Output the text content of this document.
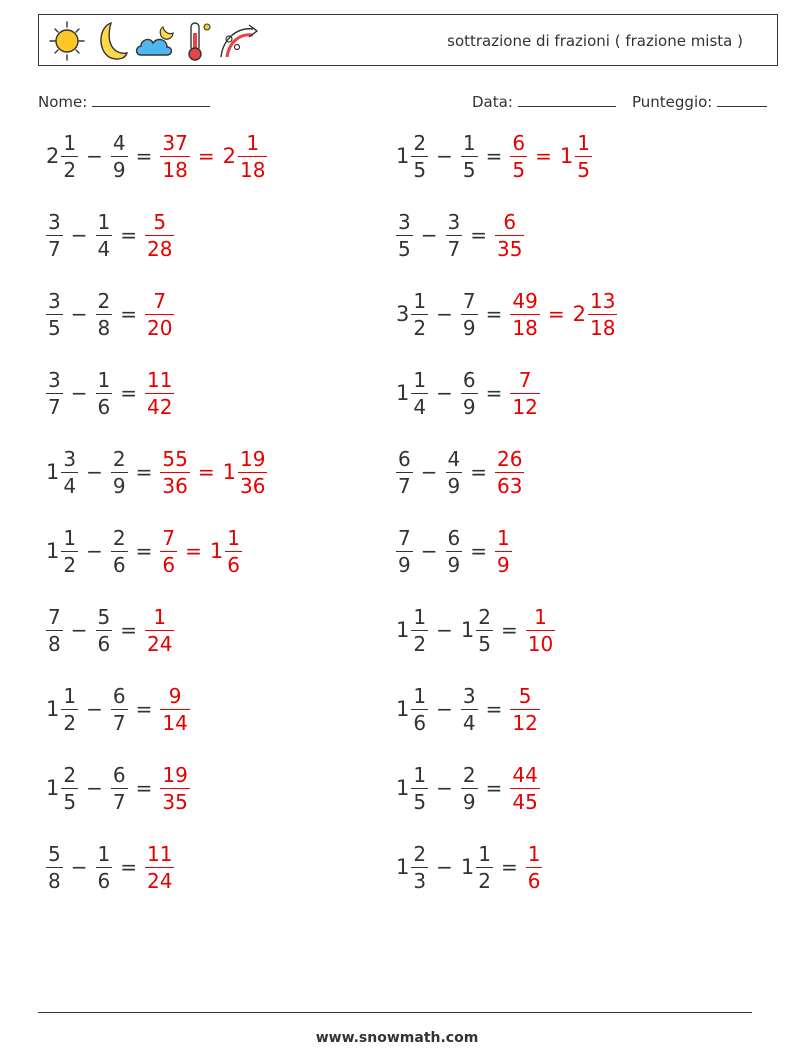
sottrazione di frazioni ( frazione mista )
Nome:	Data:	Punteggio:
$2 \frac{1}{2} - \frac{4}{9} = \frac{37}{18} = 2 \frac{1}{18}$	$1 \frac{2}{5} - \frac{1}{5} = \frac{6}{5} = 1 \frac{1}{5}$
$\frac{3}{7} - \frac{1}{4} = \frac{5}{28}$	$\frac{3}{5} - \frac{3}{7} = \frac{6}{35}$
$\frac{3}{5} - \frac{2}{8} = \frac{7}{20}$	$3 \frac{1}{2} - \frac{7}{9} = \frac{49}{18} = 2 \frac{13}{18}$
$\frac{3}{7} - \frac{1}{6} = \frac{11}{42}$	$1 \frac{1}{4} - \frac{6}{9} = \frac{7}{12}$
$1 \frac{3}{4} - \frac{2}{9} = \frac{55}{36} = 1 \frac{19}{36}$	$\frac{6}{7} - \frac{4}{9} = \frac{26}{63}$
$1 \frac{1}{2} - \frac{2}{6} = \frac{7}{6} = 1 \frac{1}{6}$	$\frac{7}{9} - \frac{6}{9} = \frac{1}{9}$
$\frac{7}{8} - \frac{5}{6} = \frac{1}{24}$	$1 \frac{1}{2} - 1 \frac{2}{5} = \frac{1}{10}$
$1 \frac{1}{2} - \frac{6}{7} = \frac{9}{14}$	$1 \frac{1}{6} - \frac{3}{4} = \frac{5}{12}$
$1 \frac{2}{5} - \frac{6}{7} = \frac{19}{35}$	$1 \frac{1}{5} - \frac{2}{9} = \frac{44}{45}$
$\frac{5}{8} - \frac{1}{6} = \frac{11}{24}$	$1 \frac{2}{3} - 1 \frac{1}{2} = \frac{1}{6}$
www.snowmath.com
